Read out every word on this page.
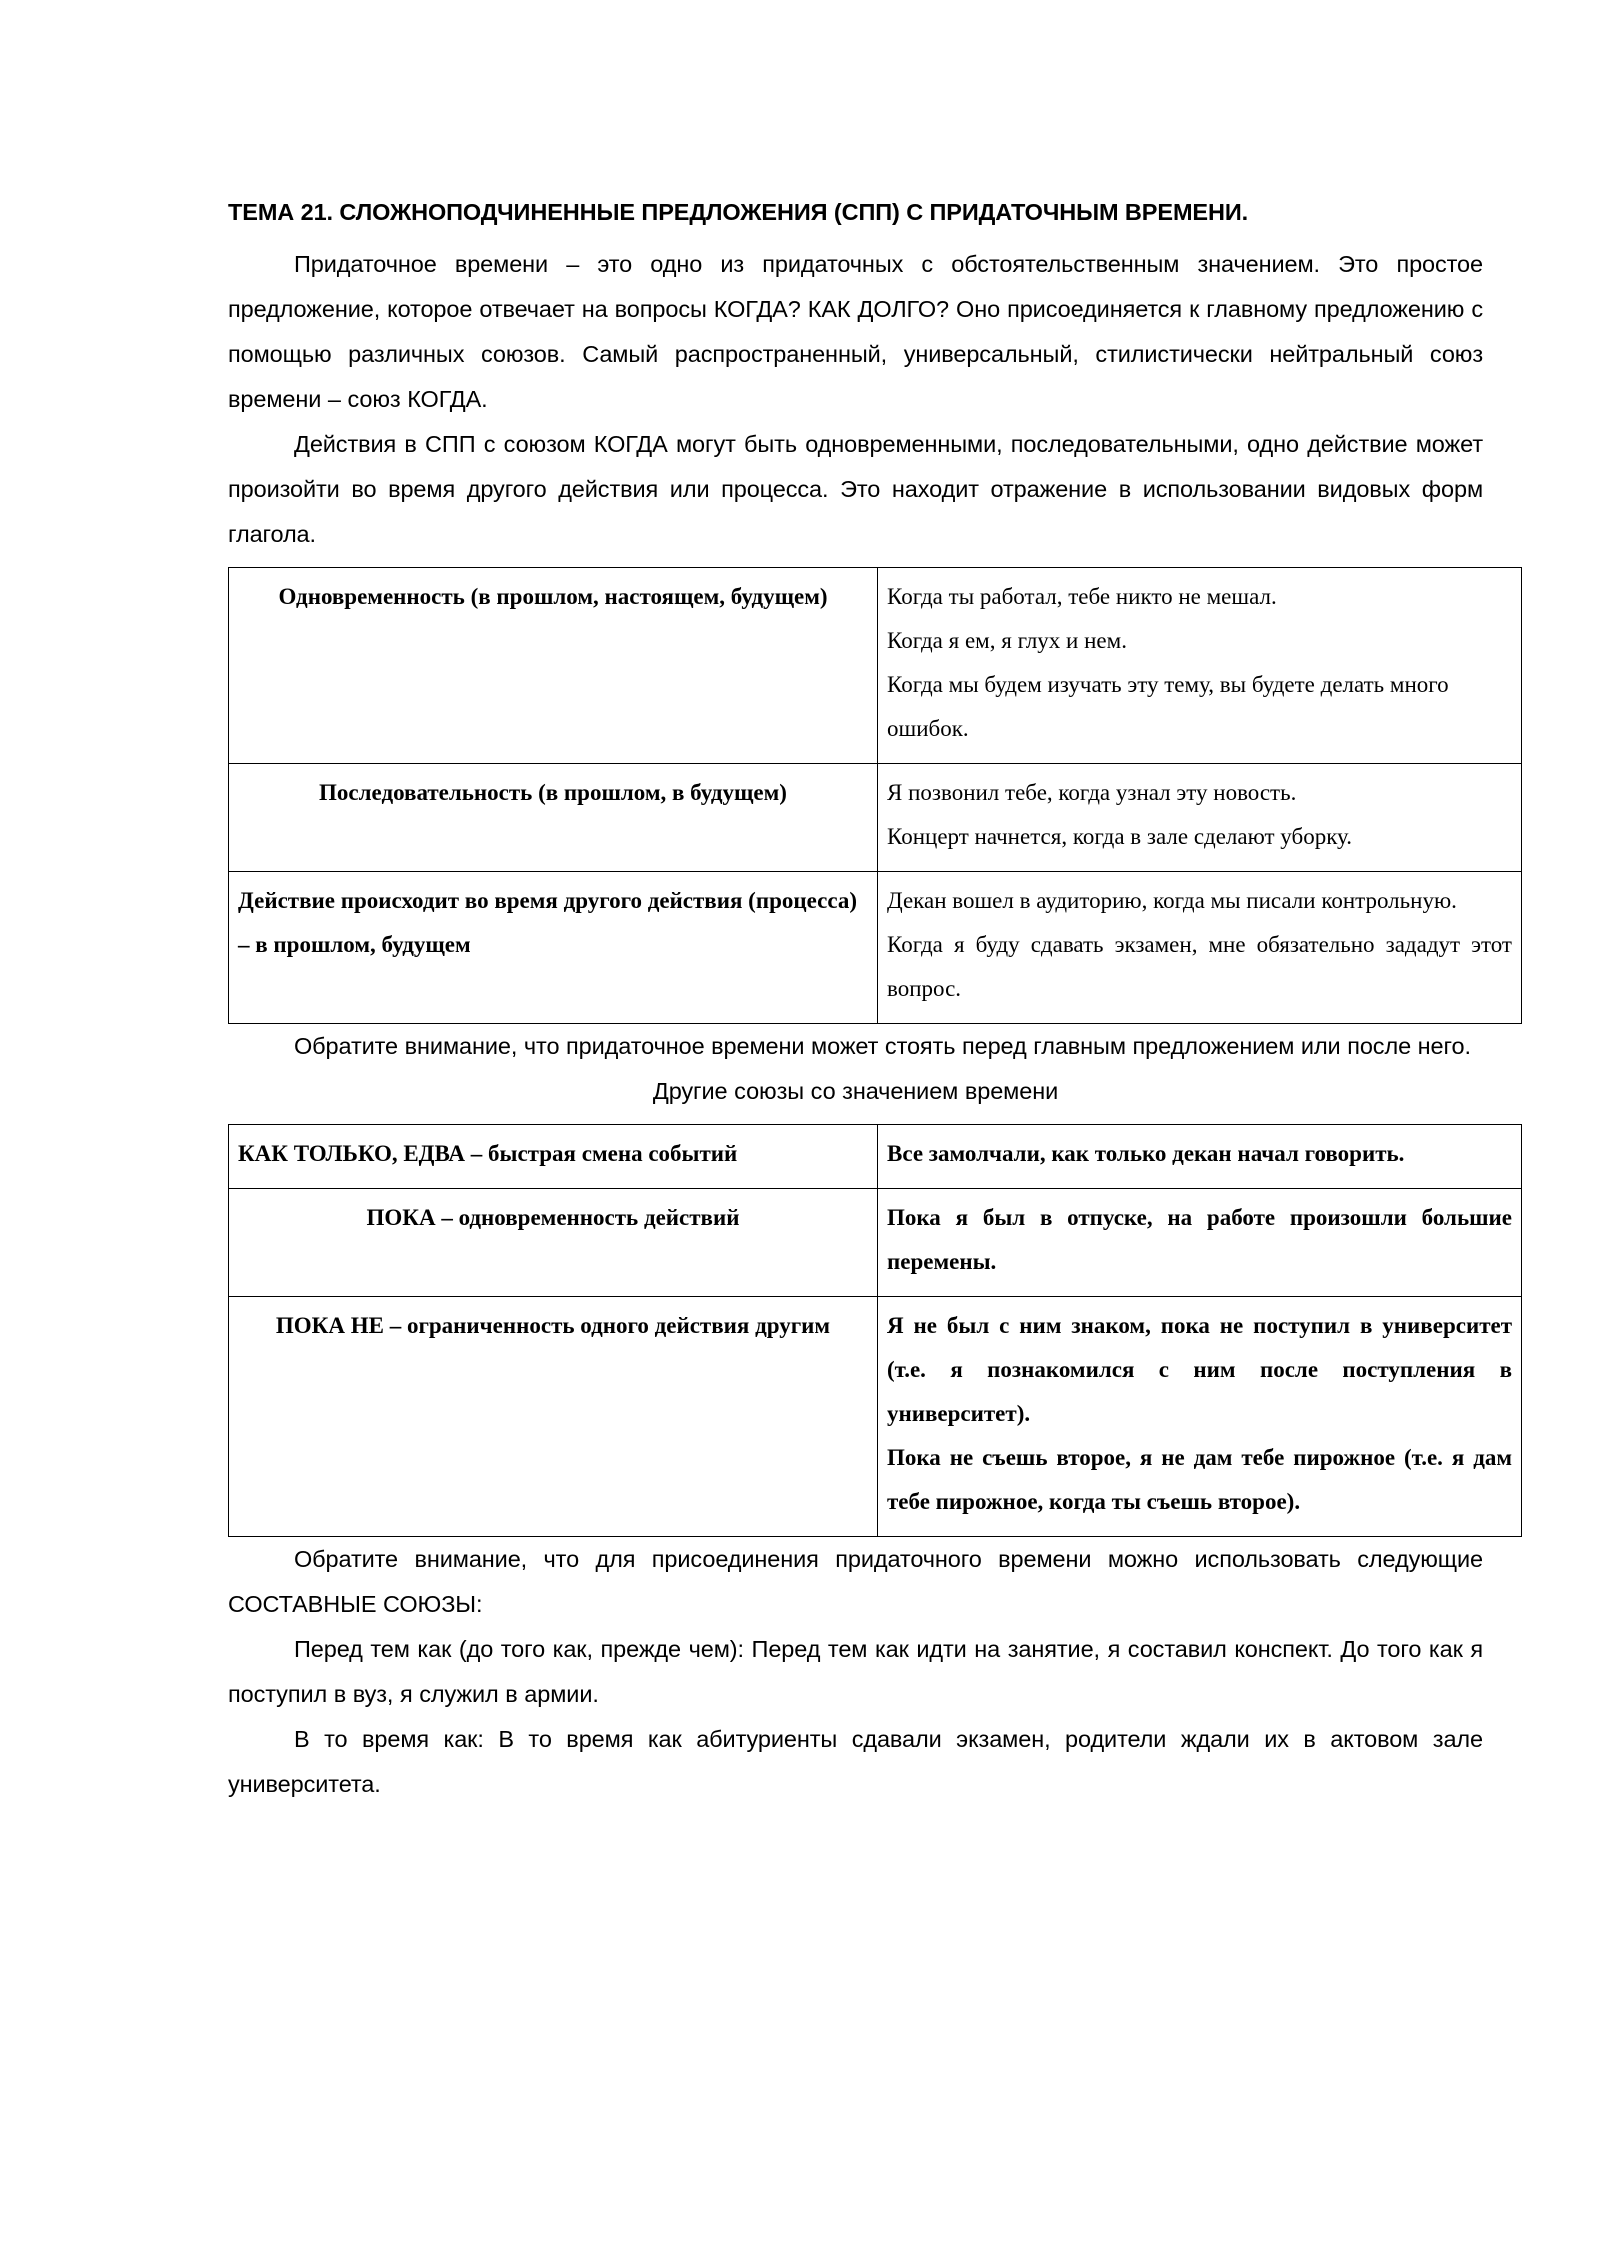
ТЕМА 21. СЛОЖНОПОДЧИНЕННЫЕ ПРЕДЛОЖЕНИЯ (СПП) С ПРИДАТОЧНЫМ ВРЕМЕНИ.

Придаточное времени – это одно из придаточных с обстоятельственным значением. Это простое предложение, которое отвечает на вопросы КОГДА? КАК ДОЛГО? Оно присоединяется к главному предложению с помощью различных союзов. Самый распространенный, универсальный, стилистически нейтральный союз времени – союз КОГДА.

Действия в СПП с союзом КОГДА могут быть одновременными, последовательными, одно действие может произойти во время другого действия или процесса. Это находит отражение в использовании видовых форм глагола.

Одновременность (в прошлом, настоящем, будущем)	Когда ты работал, тебе никто не мешал.

Когда я ем, я глух и нем.

Когда мы будем изучать эту тему, вы будете делать много ошибок.

Последовательность (в прошлом, в будущем)	Я позвонил тебе, когда узнал эту новость.

Концерт начнется, когда в зале сделают уборку.

Действие происходит во время другого действия (процесса) – в прошлом, будущем	Декан вошел в аудиторию, когда мы писали контрольную.

Когда я буду сдавать экзамен, мне обязательно зададут этот вопрос.

Обратите внимание, что придаточное времени может стоять перед главным предложением или после него.

Другие союзы со значением времени

КАК ТОЛЬКО, ЕДВА – быстрая смена событий	Все замолчали, как только декан начал говорить.

ПОКА – одновременность действий	Пока я был в отпуске, на работе произошли большие перемены.

ПОКА НЕ – ограниченность одного действия другим	Я не был с ним знаком, пока не поступил в университет (т.е. я познакомился с ним после поступления в университет).

Пока не съешь второе, я не дам тебе пирожное (т.е. я дам тебе пирожное, когда ты съешь второе).

Обратите внимание, что для присоединения придаточного времени можно использовать следующие СОСТАВНЫЕ СОЮЗЫ:

Перед тем как (до того как, прежде чем): Перед тем как идти на занятие, я составил конспект. До того как я поступил в вуз, я служил в армии.

В то время как: В то время как абитуриенты сдавали экзамен, родители ждали их в актовом зале университета.
